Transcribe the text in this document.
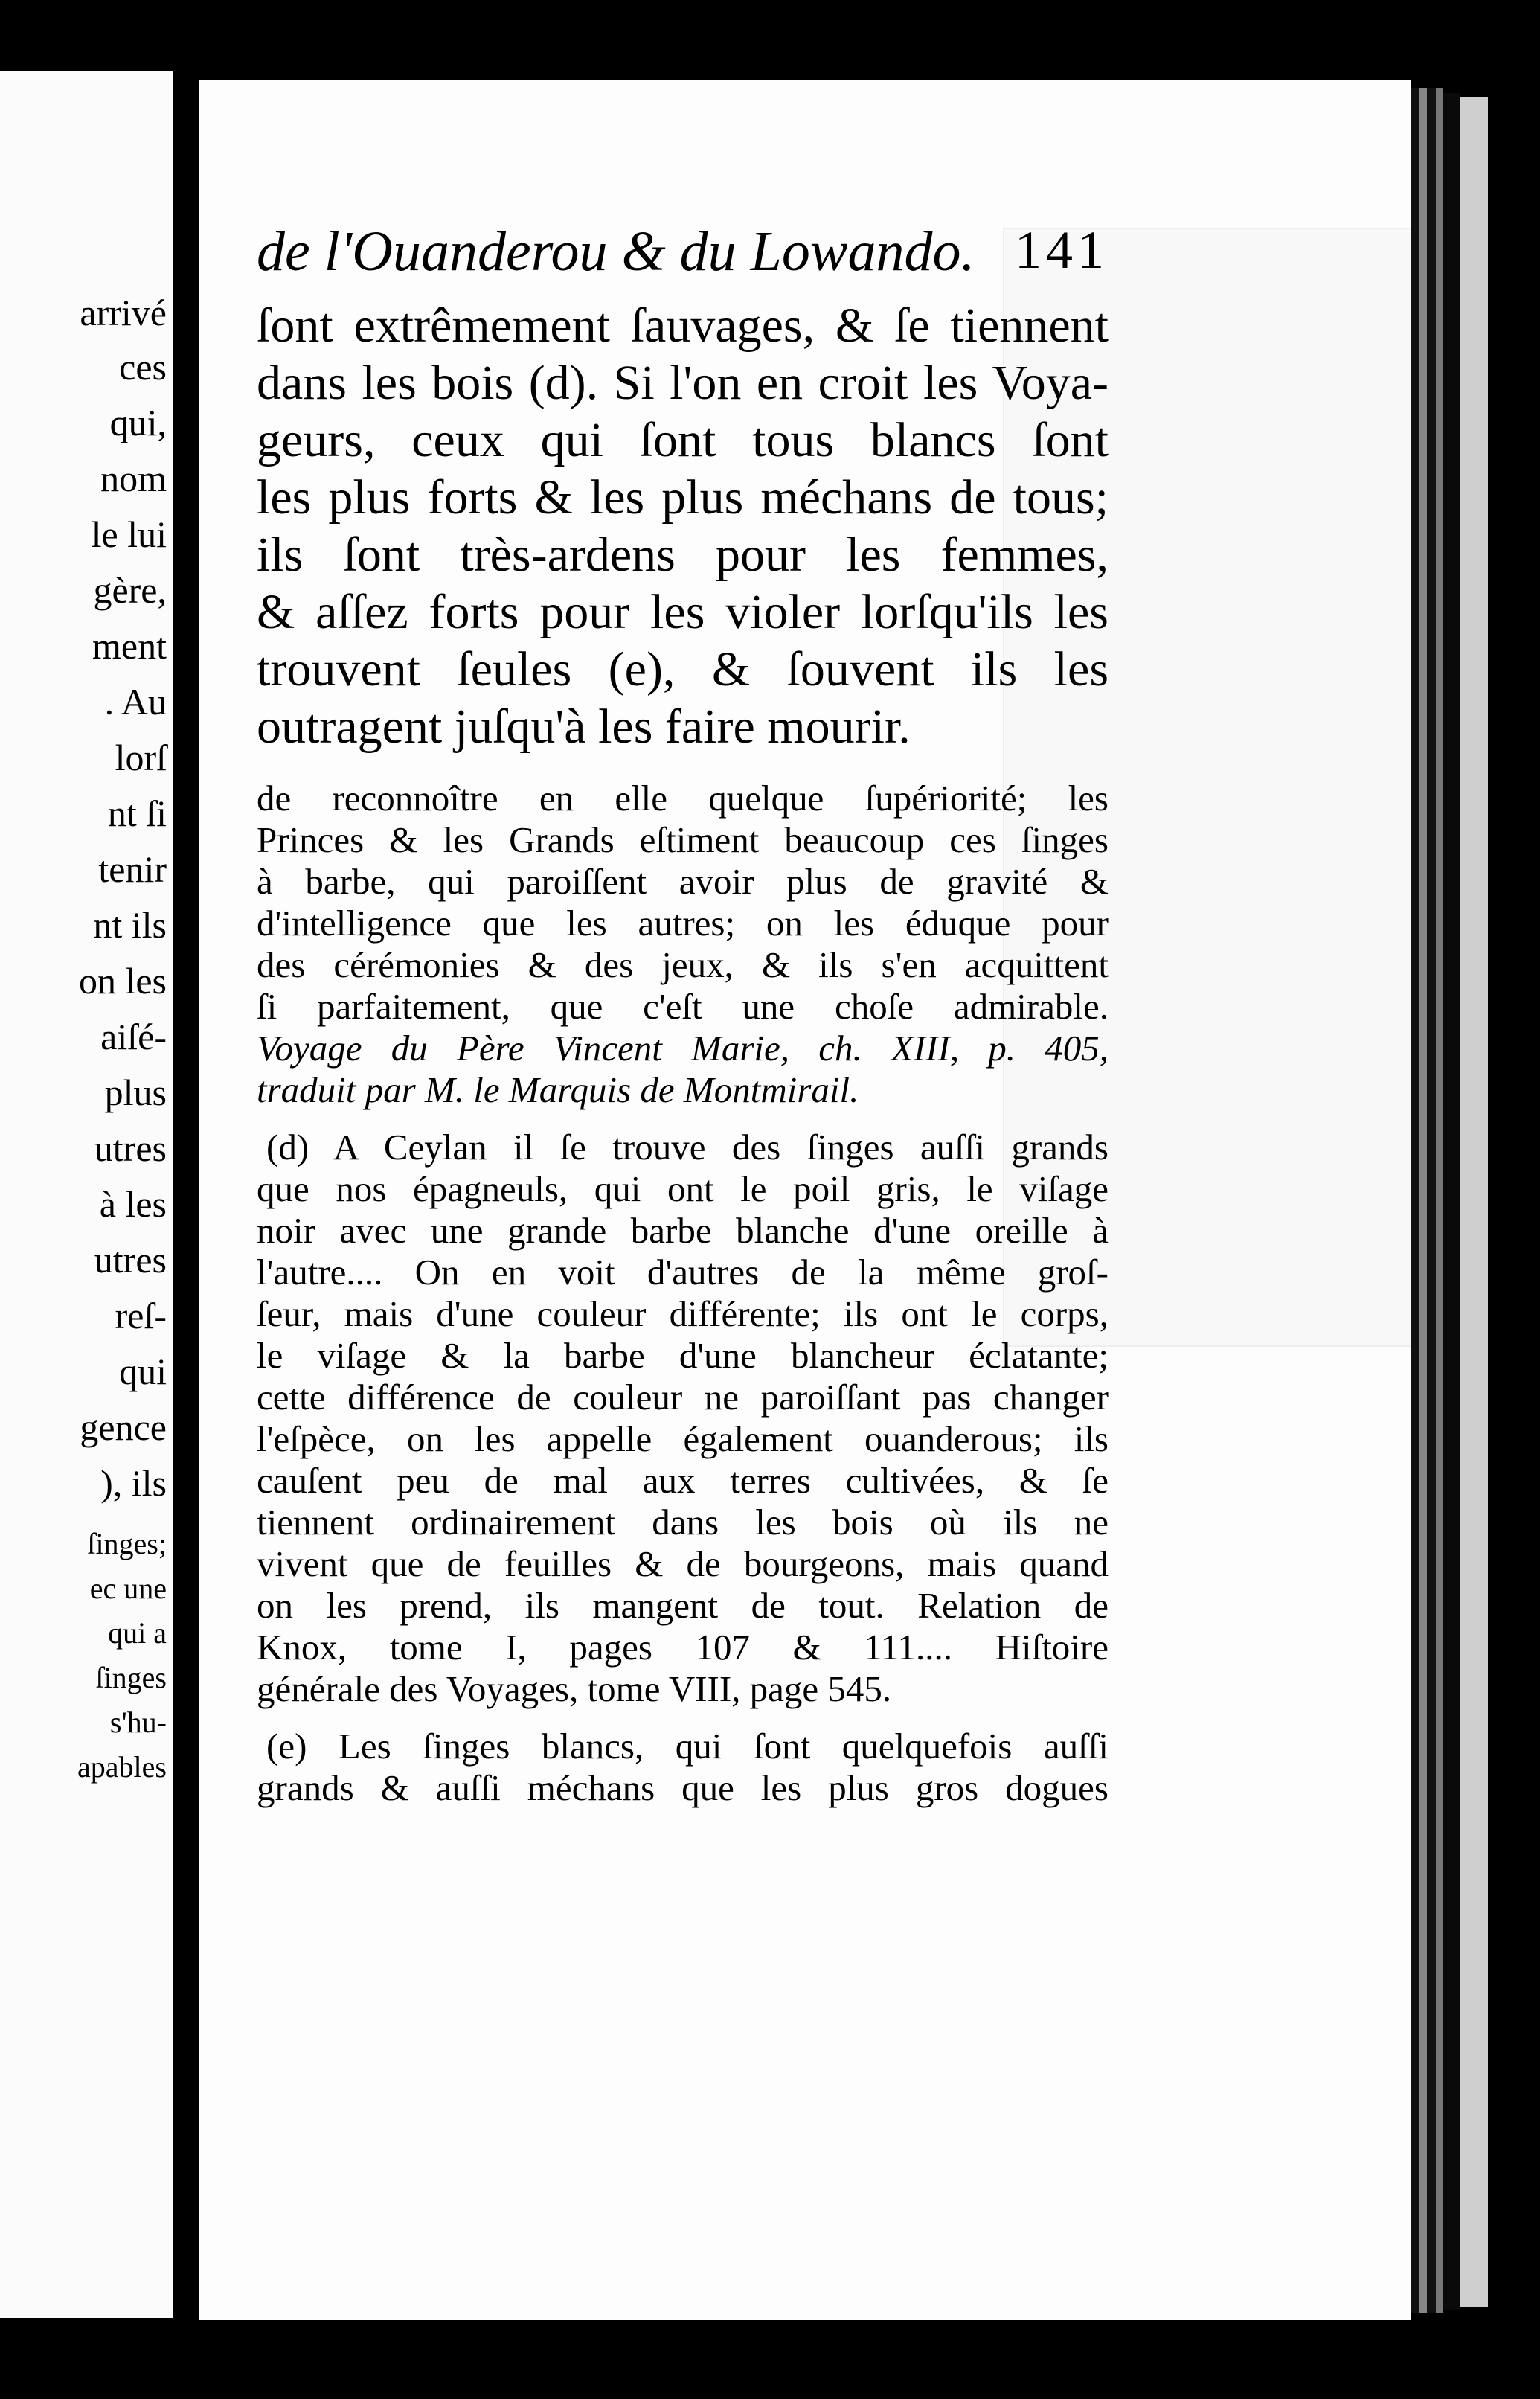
arrivé
ces
qui,
nom
le lui
gère,
ment
. Au
lorſ
nt ſi
tenir
nt ils
on les
aiſé-
plus
utres
à les
utres
reſ-
qui
gence
), ils
ſinges;
ec une
qui a
ſinges
s'hu-
apables
de l'Ouanderou & du Lowando. 141
ſont extrêmement ſauvages, & ſe tiennent
dans les bois (d). Si l'on en croit les Voya-
geurs, ceux qui ſont tous blancs ſont
les plus forts & les plus méchans de tous;
ils ſont très-ardens pour les femmes,
& aſſez forts pour les violer lorſqu'ils les
trouvent ſeules (e), & ſouvent ils les
outragent juſqu'à les faire mourir.
de reconnoître en elle quelque ſupériorité; les
Princes & les Grands eſtiment beaucoup ces ſinges
à barbe, qui paroiſſent avoir plus de gravité &
d'intelligence que les autres; on les éduque pour
des cérémonies & des jeux, & ils s'en acquittent
ſi parfaitement, que c'eſt une choſe admirable.
Voyage du Père Vincent Marie, ch. XIII, p. 405,
traduit par M. le Marquis de Montmirail.
(d) A Ceylan il ſe trouve des ſinges auſſi grands
que nos épagneuls, qui ont le poil gris, le viſage
noir avec une grande barbe blanche d'une oreille à
l'autre.... On en voit d'autres de la même groſ-
ſeur, mais d'une couleur différente; ils ont le corps,
le viſage & la barbe d'une blancheur éclatante;
cette différence de couleur ne paroiſſant pas changer
l'eſpèce, on les appelle également ouanderous; ils
cauſent peu de mal aux terres cultivées, & ſe
tiennent ordinairement dans les bois où ils ne
vivent que de feuilles & de bourgeons, mais quand
on les prend, ils mangent de tout. Relation de
Knox, tome I, pages 107 & 111.... Hiſtoire
générale des Voyages, tome VIII, page 545.
(e) Les ſinges blancs, qui ſont quelquefois auſſi
grands & auſſi méchans que les plus gros dogues
